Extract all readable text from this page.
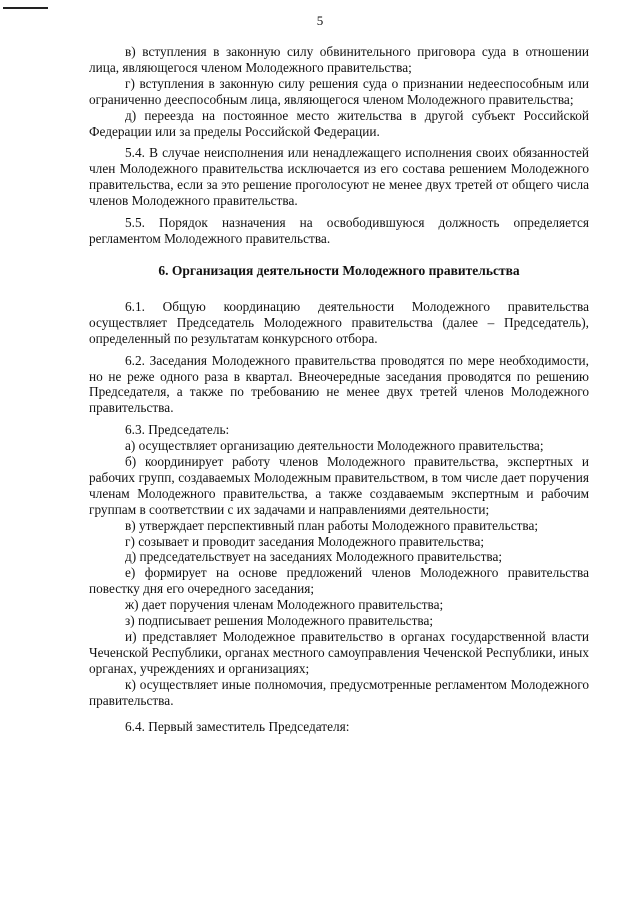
5

в) вступления в законную силу обвинительного приговора суда в отношении лица, являющегося членом Молодежного правительства;

г) вступления в законную силу решения суда о признании недееспособным или ограниченно дееспособным лица, являющегося членом Молодежного правительства;

д) переезда на постоянное место жительства в другой субъект Российской Федерации или за пределы Российской Федерации.

5.4. В случае неисполнения или ненадлежащего исполнения своих обязанностей член Молодежного правительства исключается из его состава решением Молодежного правительства, если за это решение проголосуют не менее двух третей от общего числа членов Молодежного правительства.

5.5. Порядок назначения на освободившуюся должность определяется регламентом Молодежного правительства.

6. Организация деятельности Молодежного правительства

6.1. Общую координацию деятельности Молодежного правительства осуществляет Председатель Молодежного правительства (далее – Председатель), определенный по результатам конкурсного отбора.

6.2. Заседания Молодежного правительства проводятся по мере необходимости, но не реже одного раза в квартал. Внеочередные заседания проводятся по решению Председателя, а также по требованию не менее двух третей членов Молодежного правительства.

6.3. Председатель:

а) осуществляет организацию деятельности Молодежного правительства;

б) координирует работу членов Молодежного правительства, экспертных и рабочих групп, создаваемых Молодежным правительством, в том числе дает поручения членам Молодежного правительства, а также создаваемым экспертным и рабочим группам в соответствии с их задачами и направлениями деятельности;

в) утверждает перспективный план работы Молодежного правительства;

г) созывает и проводит заседания Молодежного правительства;

д) председательствует на заседаниях Молодежного правительства;

е) формирует на основе предложений членов Молодежного правительства повестку дня его очередного заседания;

ж) дает поручения членам Молодежного правительства;

з) подписывает решения Молодежного правительства;

и) представляет Молодежное правительство в органах государственной власти Чеченской Республики, органах местного самоуправления Чеченской Республики, иных органах, учреждениях и организациях;

к) осуществляет иные полномочия, предусмотренные регламентом Молодежного правительства.

6.4. Первый заместитель Председателя:
